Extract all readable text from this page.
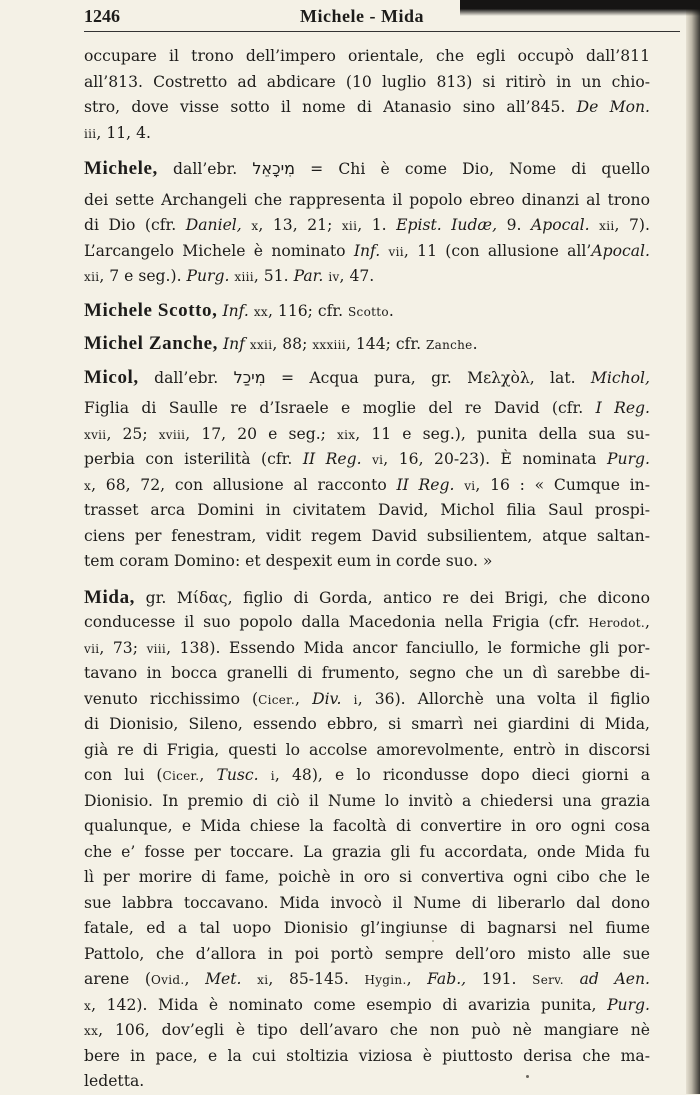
1246	Michele - Mida
occupare il trono dell’impero orientale, che egli occupò dall’811
all’813. Costretto ad abdicare (10 luglio 813) si ritirò in un chio-
stro, dove visse sotto il nome di Atanasio sino all’845. De Mon.
iii, 11, 4.
Michele, dall’ebr. מִיכָאֵל = Chi è come Dio, Nome di quello
dei sette Archangeli che rappresenta il popolo ebreo dinanzi al trono
di Dio (cfr. Daniel, x, 13, 21; xii, 1. Epist. Iudæ, 9. Apocal. xii, 7).
L’arcangelo Michele è nominato Inf. vii, 11 (con allusione all’Apocal.
xii, 7 e seg.). Purg. xiii, 51. Par. iv, 47.
Michele Scotto, Inf. xx, 116; cfr. Scotto.
Michel Zanche, Inf xxii, 88; xxxiii, 144; cfr. Zanche.
Micol, dall’ebr. מִיכַל = Acqua pura, gr. Μελχὸλ, lat. Michol,
Figlia di Saulle re d’Israele e moglie del re David (cfr. I Reg.
xvii, 25; xviii, 17, 20 e seg.; xix, 11 e seg.), punita della sua su-
perbia con isterilità (cfr. II Reg. vi, 16, 20-23). È nominata Purg.
x, 68, 72, con allusione al racconto II Reg. vi, 16 : « Cumque in-
trasset arca Domini in civitatem David, Michol filia Saul prospi-
ciens per fenestram, vidit regem David subsilientem, atque saltan-
tem coram Domino: et despexit eum in corde suo. »
Mida, gr. Μίδας, figlio di Gorda, antico re dei Brigi, che dicono
conducesse il suo popolo dalla Macedonia nella Frigia (cfr. Herodot.,
vii, 73; viii, 138). Essendo Mida ancor fanciullo, le formiche gli por-
tavano in bocca granelli di frumento, segno che un dì sarebbe di-
venuto ricchissimo (Cicer., Div. i, 36). Allorchè una volta il figlio
di Dionisio, Sileno, essendo ebbro, si smarrì nei giardini di Mida,
già re di Frigia, questi lo accolse amorevolmente, entrò in discorsi
con lui (Cicer., Tusc. i, 48), e lo ricondusse dopo dieci giorni a
Dionisio. In premio di ciò il Nume lo invitò a chiedersi una grazia
qualunque, e Mida chiese la facoltà di convertire in oro ogni cosa
che e’ fosse per toccare. La grazia gli fu accordata, onde Mida fu
lì per morire di fame, poichè in oro si convertiva ogni cibo che le
sue labbra toccavano. Mida invocò il Nume di liberarlo dal dono
fatale, ed a tal uopo Dionisio gl’ingiunse di bagnarsi nel fiume
Pattolo, che d’allora in poi portò sempre dell’oro misto alle sue
arene (Ovid., Met. xi, 85-145. Hygin., Fab., 191. Serv. ad Aen.
x, 142). Mida è nominato come esempio di avarizia punita, Purg.
xx, 106, dov’egli è tipo dell’avaro che non può nè mangiare nè
bere in pace, e la cui stoltizia viziosa è piuttosto derisa che ma-
ledetta.
